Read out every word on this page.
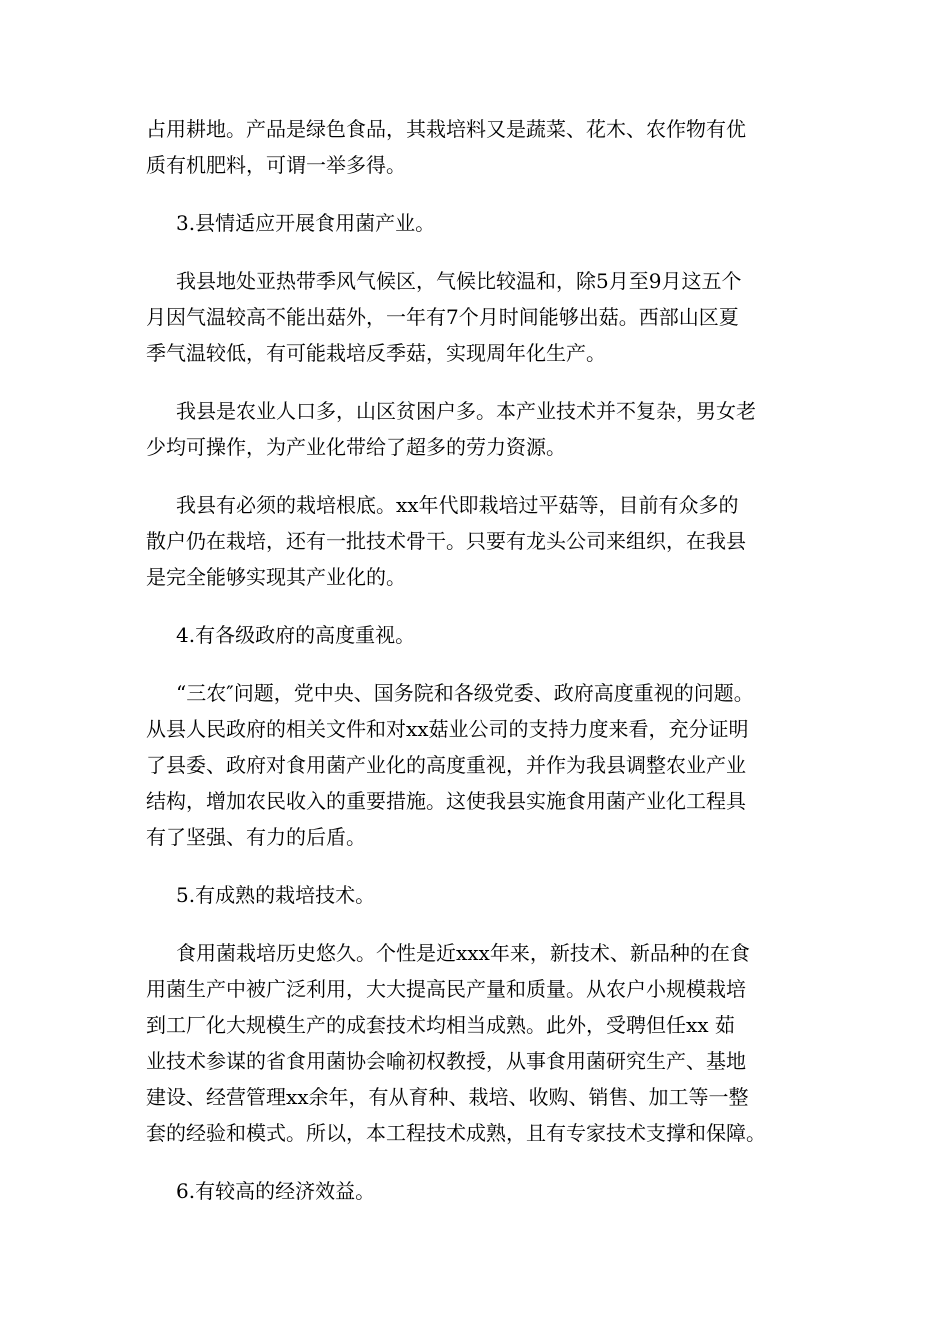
占用耕地。产品是绿色食品，其栽培料又是蔬菜、花木、农作物有优
质有机肥料，可谓一举多得。
3.县情适应开展食用菌产业。
我县地处亚热带季风气候区，气候比较温和，除5月至9月这五个
月因气温较高不能出菇外，一年有7个月时间能够出菇。西部山区夏
季气温较低，有可能栽培反季菇，实现周年化生产。
我县是农业人口多，山区贫困户多。本产业技术并不复杂，男女老
少均可操作，为产业化带给了超多的劳力资源。
我县有必须的栽培根底。xx年代即栽培过平菇等，目前有众多的
散户仍在栽培，还有一批技术骨干。只要有龙头公司来组织，在我县
是完全能够实现其产业化的。
4.有各级政府的高度重视。
“三农″问题，党中央、国务院和各级党委、政府高度重视的问题。
从县人民政府的相关文件和对xx菇业公司的支持力度来看，充分证明
了县委、政府对食用菌产业化的高度重视，并作为我县调整农业产业
结构，增加农民收入的重要措施。这使我县实施食用菌产业化工程具
有了坚强、有力的后盾。
5.有成熟的栽培技术。
食用菌栽培历史悠久。个性是近xxx年来，新技术、新品种的在食
用菌生产中被广泛利用，大大提高民产量和质量。从农户小规模栽培
到工厂化大规模生产的成套技术均相当成熟。此外，受聘但任xx 茹
业技术参谋的省食用菌协会喻初权教授，从事食用菌研究生产、基地
建设、经营管理xx余年，有从育种、栽培、收购、销售、加工等一整
套的经验和模式。所以，本工程技术成熟，且有专家技术支撑和保障。
6.有较高的经济效益。
